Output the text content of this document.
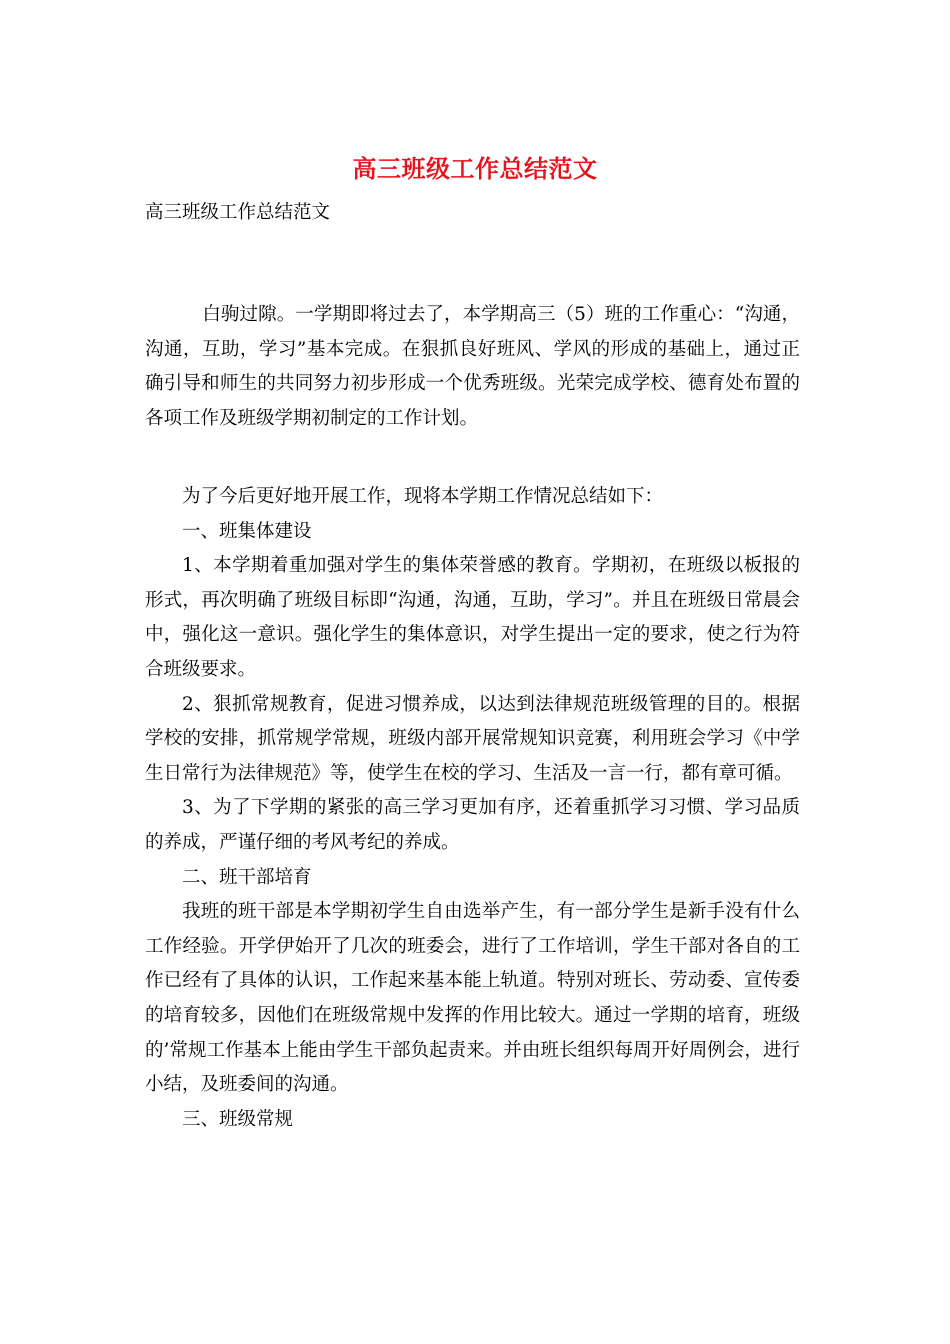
高三班级工作总结范文
高三班级工作总结范文

白驹过隙。一学期即将过去了，本学期高三（5）班的工作重心：“沟通，沟通，互助，学习”基本完成。在狠抓良好班风、学风的形成的基础上，通过正确引导和师生的共同努力初步形成一个优秀班级。光荣完成学校、德育处布置的各项工作及班级学期初制定的工作计划。

为了今后更好地开展工作，现将本学期工作情况总结如下：

一、班集体建设

1、本学期着重加强对学生的集体荣誉感的教育。学期初，在班级以板报的形式，再次明确了班级目标即“沟通，沟通，互助，学习”。并且在班级日常晨会中，强化这一意识。强化学生的集体意识，对学生提出一定的要求，使之行为符合班级要求。

2、狠抓常规教育，促进习惯养成，以达到法律规范班级管理的目的。根据学校的安排，抓常规学常规，班级内部开展常规知识竞赛，利用班会学习《中学生日常行为法律规范》等，使学生在校的学习、生活及一言一行，都有章可循。

3、为了下学期的紧张的高三学习更加有序，还着重抓学习习惯、学习品质的养成，严谨仔细的考风考纪的养成。

二、班干部培育

我班的班干部是本学期初学生自由选举产生，有一部分学生是新手没有什么工作经验。开学伊始开了几次的班委会，进行了工作培训，学生干部对各自的工作已经有了具体的认识，工作起来基本能上轨道。特别对班长、劳动委、宣传委的培育较多，因他们在班级常规中发挥的作用比较大。通过一学期的培育，班级的’常规工作基本上能由学生干部负起责来。并由班长组织每周开好周例会，进行小结，及班委间的沟通。

三、班级常规
